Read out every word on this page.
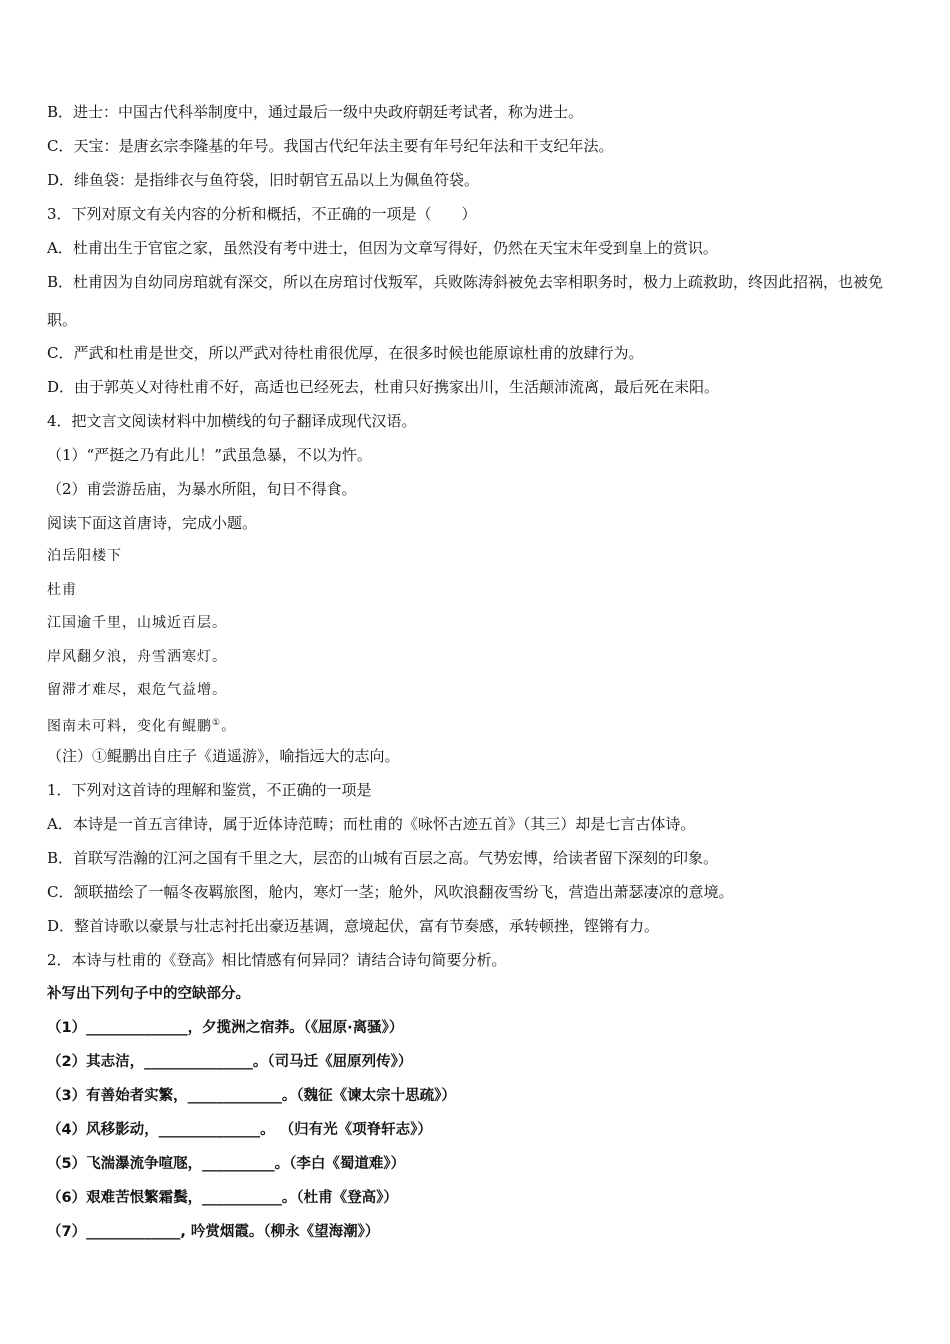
B．进士：中国古代科举制度中，通过最后一级中央政府朝廷考试者，称为进士。
C．天宝：是唐玄宗李隆基的年号。我国古代纪年法主要有年号纪年法和干支纪年法。
D．绯鱼袋：是指绯衣与鱼符袋，旧时朝官五品以上为佩鱼符袋。
3．下列对原文有关内容的分析和概括，不正确的一项是（　　）
A．杜甫出生于官宦之家，虽然没有考中进士，但因为文章写得好，仍然在天宝末年受到皇上的赏识。
B．杜甫因为自幼同房琯就有深交，所以在房琯讨伐叛军，兵败陈涛斜被免去宰相职务时，极力上疏救助，终因此招祸，也被免职。
C．严武和杜甫是世交，所以严武对待杜甫很优厚，在很多时候也能原谅杜甫的放肆行为。
D．由于郭英乂对待杜甫不好，高适也已经死去，杜甫只好携家出川，生活颠沛流离，最后死在耒阳。
4．把文言文阅读材料中加横线的句子翻译成现代汉语。
（1）“严挺之乃有此儿！”武虽急暴，不以为忤。
（2）甫尝游岳庙，为暴水所阻，旬日不得食。
阅读下面这首唐诗，完成小题。
泊岳阳楼下
杜甫
江国逾千里，山城近百层。
岸风翻夕浪，舟雪洒寒灯。
留滞才难尽，艰危气益增。
图南未可料，变化有鲲鹏①。
（注）①鲲鹏出自庄子《逍遥游》，喻指远大的志向。
1．下列对这首诗的理解和鉴赏，不正确的一项是
A．本诗是一首五言律诗，属于近体诗范畴；而杜甫的《咏怀古迹五首》（其三）却是七言古体诗。
B．首联写浩瀚的江河之国有千里之大，层峦的山城有百层之高。气势宏博，给读者留下深刻的印象。
C．颔联描绘了一幅冬夜羁旅图，舱内，寒灯一茎；舱外，风吹浪翻夜雪纷飞，营造出萧瑟凄凉的意境。
D．整首诗歌以豪景与壮志衬托出豪迈基调，意境起伏，富有节奏感，承转顿挫，铿锵有力。
2．本诗与杜甫的《登高》相比情感有何异同？请结合诗句简要分析。
补写出下列句子中的空缺部分。
（1）______________，夕揽洲之宿莽。（《屈原·离骚》）
（2）其志洁，_______________。（司马迁《屈原列传》）
（3）有善始者实繁，_____________。（魏征《谏太宗十思疏》）
（4）风移影动，______________。 （归有光《项脊轩志》）
（5）飞湍瀑流争喧豗，__________。（李白《蜀道难》）
（6）艰难苦恨繁霜鬓，___________。（杜甫《登高》）
（7）_____________, 吟赏烟霞。（柳永《望海潮》）
